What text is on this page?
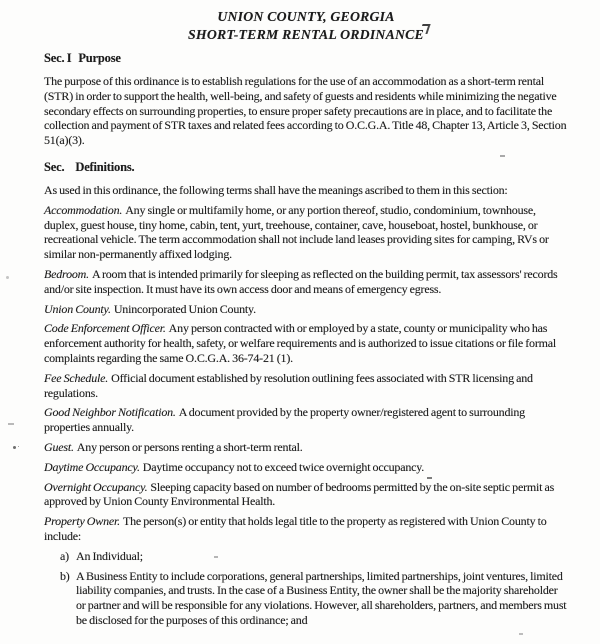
UNION COUNTY, GEORGIA
SHORT-TERM RENTAL ORDINANCE
Sec. I Purpose

The purpose of this ordinance is to establish regulations for the use of an accommodation as a short-term rental (STR) in order to support the health, well-being, and safety of guests and residents while minimizing the negative secondary effects on surrounding properties, to ensure proper safety precautions are in place, and to facilitate the collection and payment of STR taxes and related fees according to O.C.G.A. Title 48, Chapter 13, Article 3, Section 51(a)(3).

Sec. Definitions.

As used in this ordinance, the following terms shall have the meanings ascribed to them in this section:

Accommodation. Any single or multifamily home, or any portion thereof, studio, condominium, townhouse, duplex, guest house, tiny home, cabin, tent, yurt, treehouse, container, cave, houseboat, hostel, bunkhouse, or recreational vehicle. The term accommodation shall not include land leases providing sites for camping, RVs or similar non-permanently affixed lodging.

Bedroom. A room that is intended primarily for sleeping as reflected on the building permit, tax assessors' records and/or site inspection. It must have its own access door and means of emergency egress.

Union County. Unincorporated Union County.

Code Enforcement Officer. Any person contracted with or employed by a state, county or municipality who has enforcement authority for health, safety, or welfare requirements and is authorized to issue citations or file formal complaints regarding the same O.C.G.A. 36-74-21 (1).

Fee Schedule. Official document established by resolution outlining fees associated with STR licensing and regulations.

Good Neighbor Notification. A document provided by the property owner/registered agent to surrounding properties annually.

Guest. Any person or persons renting a short-term rental.

Daytime Occupancy. Daytime occupancy not to exceed twice overnight occupancy.

Overnight Occupancy. Sleeping capacity based on number of bedrooms permitted by the on-site septic permit as approved by Union County Environmental Health.

Property Owner. The person(s) or entity that holds legal title to the property as registered with Union County to include:

a) An Individual;
b) A Business Entity to include corporations, general partnerships, limited partnerships, joint ventures, limited liability companies, and trusts. In the case of a Business Entity, the owner shall be the majority shareholder or partner and will be responsible for any violations. However, all shareholders, partners, and members must be disclosed for the purposes of this ordinance; and
